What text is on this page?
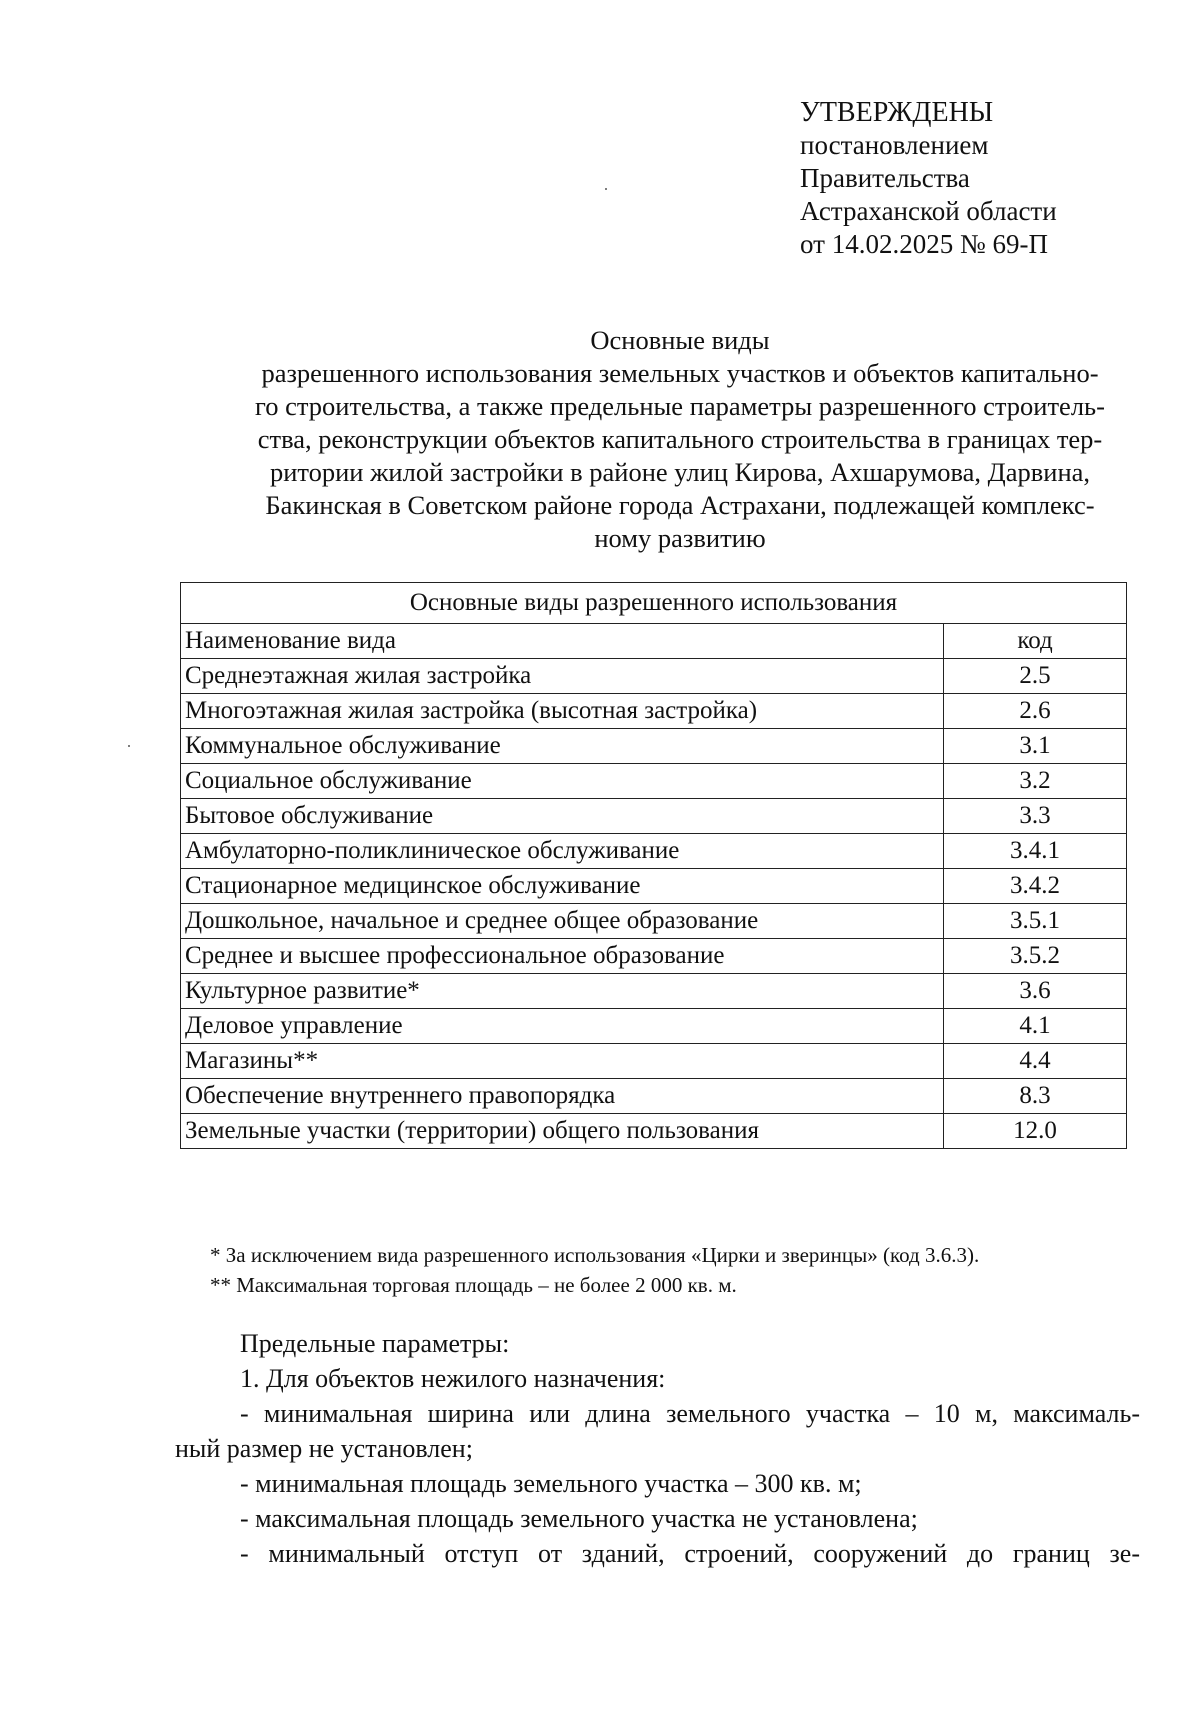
УТВЕРЖДЕНЫ
постановлением
Правительства
Астраханской области
от 14.02.2025 № 69-П
Основные виды
разрешенного использования земельных участков и объектов капитально-
го строительства, а также предельные параметры разрешенного строитель-
ства, реконструкции объектов капитального строительства в границах тер-
ритории жилой застройки в районе улиц Кирова, Ахшарумова, Дарвина,
Бакинская в Советском районе города Астрахани, подлежащей комплекс-
ному развитию
Основные виды разрешенного использования	
Наименование вида	код
Среднеэтажная жилая застройка	2.5
Многоэтажная жилая застройка (высотная застройка)	2.6
Коммунальное обслуживание	3.1
Социальное обслуживание	3.2
Бытовое обслуживание	3.3
Амбулаторно-поликлиническое обслуживание	3.4.1
Стационарное медицинское обслуживание	3.4.2
Дошкольное, начальное и среднее общее образование	3.5.1
Среднее и высшее профессиональное образование	3.5.2
Культурное развитие*	3.6
Деловое управление	4.1
Магазины**	4.4
Обеспечение внутреннего правопорядка	8.3
Земельные участки (территории) общего пользования	12.0
* За исключением вида разрешенного использования «Цирки и зверинцы» (код 3.6.3).
** Максимальная торговая площадь – не более 2 000 кв. м.

Предельные параметры:

1. Для объектов нежилого назначения:

- минимальная ширина или длина земельного участка – 10 м, максималь-

ный размер не установлен;

- минимальная площадь земельного участка – 300 кв. м;

- максимальная площадь земельного участка не установлена;

- минимальный отступ от зданий, строений, сооружений до границ зе-
